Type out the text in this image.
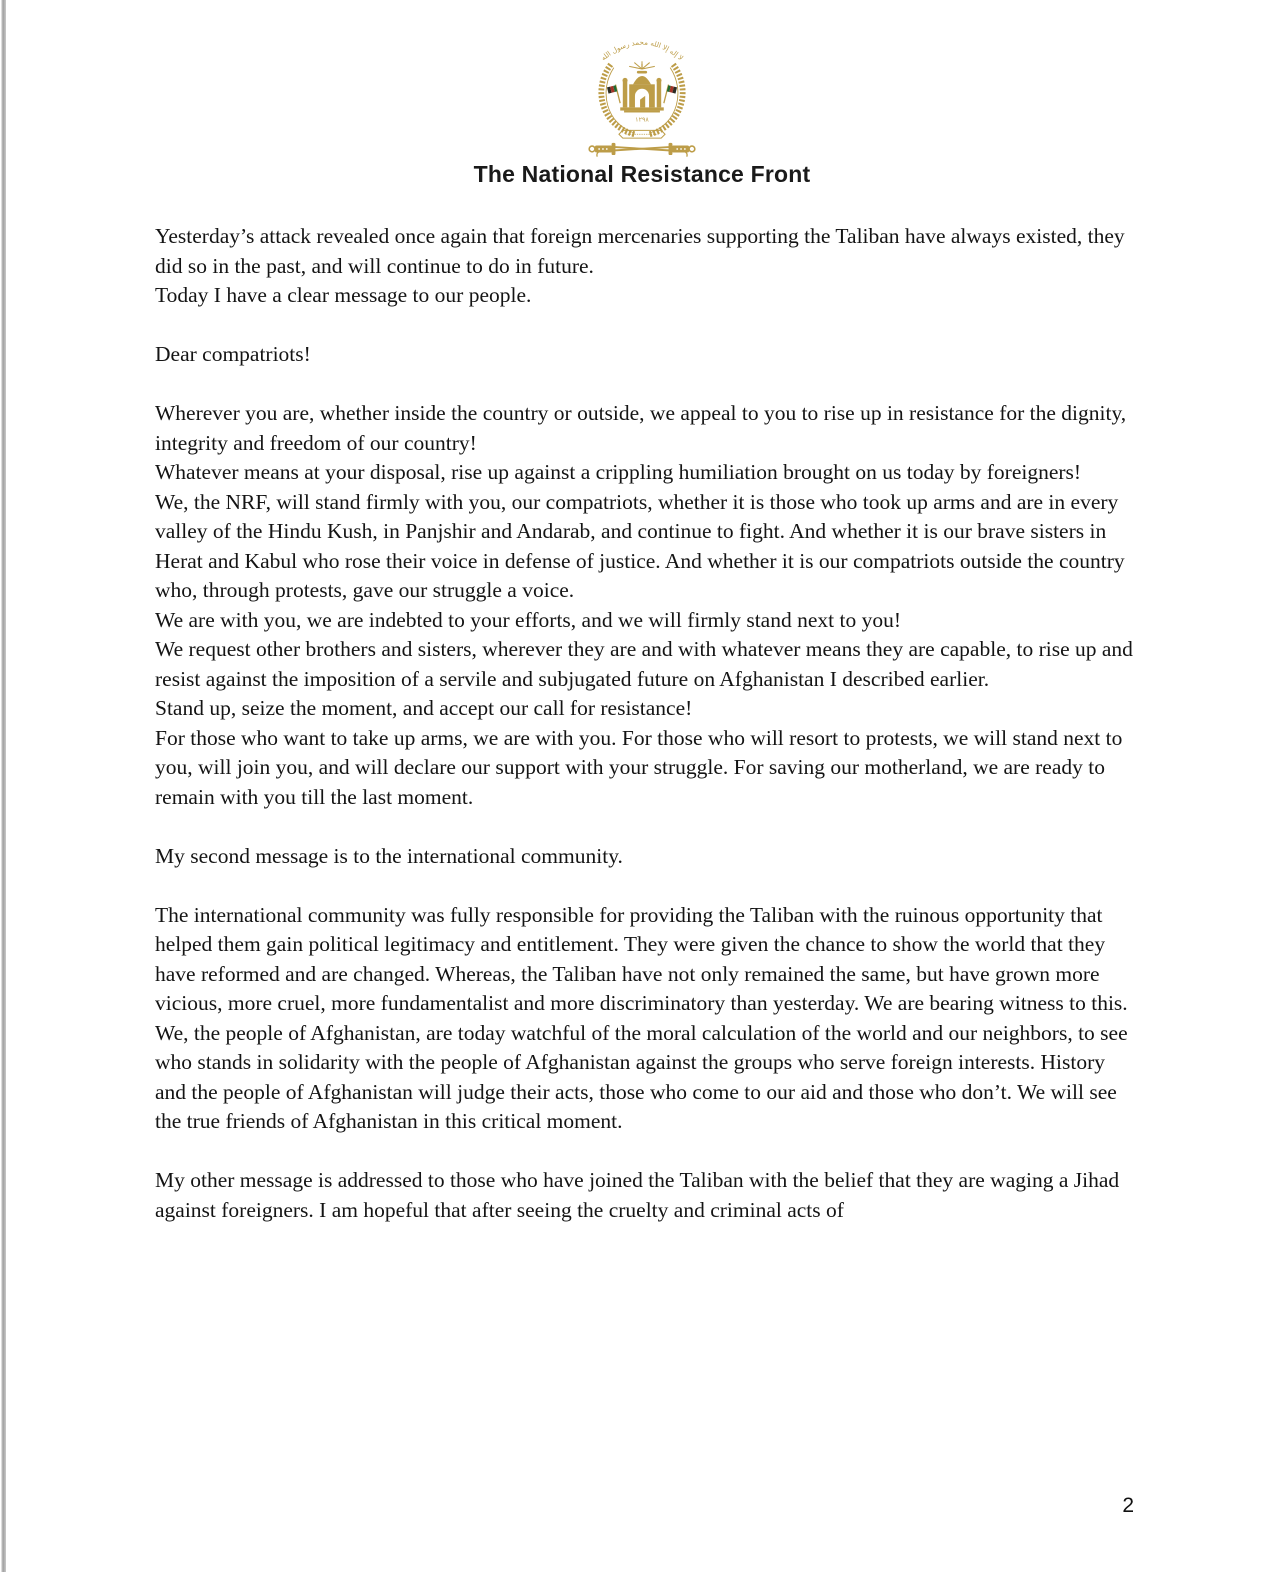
لا إله إلا الله محمد رسول الله
۱۲۹۸
The National Resistance Front

Yesterday’s attack revealed once again that foreign mercenaries supporting the Taliban have always existed, they did so in the past, and will continue to do in future.

Today I have a clear message to our people.

Dear compatriots!

Wherever you are, whether inside the country or outside, we appeal to you to rise up in resistance for the dignity, integrity and freedom of our country!

Whatever means at your disposal, rise up against a crippling humiliation brought on us today by foreigners!

We, the NRF, will stand firmly with you, our compatriots, whether it is those who took up arms and are in every valley of the Hindu Kush, in Panjshir and Andarab, and continue to fight. And whether it is our brave sisters in Herat and Kabul who rose their voice in defense of justice. And whether it is our compatriots outside the country who, through protests, gave our struggle a voice.

We are with you, we are indebted to your efforts, and we will firmly stand next to you!

We request other brothers and sisters, wherever they are and with whatever means they are capable, to rise up and resist against the imposition of a servile and subjugated future on Afghanistan I described earlier.

Stand up, seize the moment, and accept our call for resistance!

For those who want to take up arms, we are with you. For those who will resort to protests, we will stand next to you, will join you, and will declare our support with your struggle. For saving our motherland, we are ready to remain with you till the last moment.

My second message is to the international community.

The international community was fully responsible for providing the Taliban with the ruinous opportunity that helped them gain political legitimacy and entitlement. They were given the chance to show the world that they have reformed and are changed. Whereas, the Taliban have not only remained the same, but have grown more vicious, more cruel, more fundamentalist and more discriminatory than yesterday. We are bearing witness to this.

We, the people of Afghanistan, are today watchful of the moral calculation of the world and our neighbors, to see who stands in solidarity with the people of Afghanistan against the groups who serve foreign interests. History and the people of Afghanistan will judge their acts, those who come to our aid and those who don’t. We will see the true friends of Afghanistan in this critical moment.

My other message is addressed to those who have joined the Taliban with the belief that they are waging a Jihad against foreigners. I am hopeful that after seeing the cruelty and criminal acts of

2
